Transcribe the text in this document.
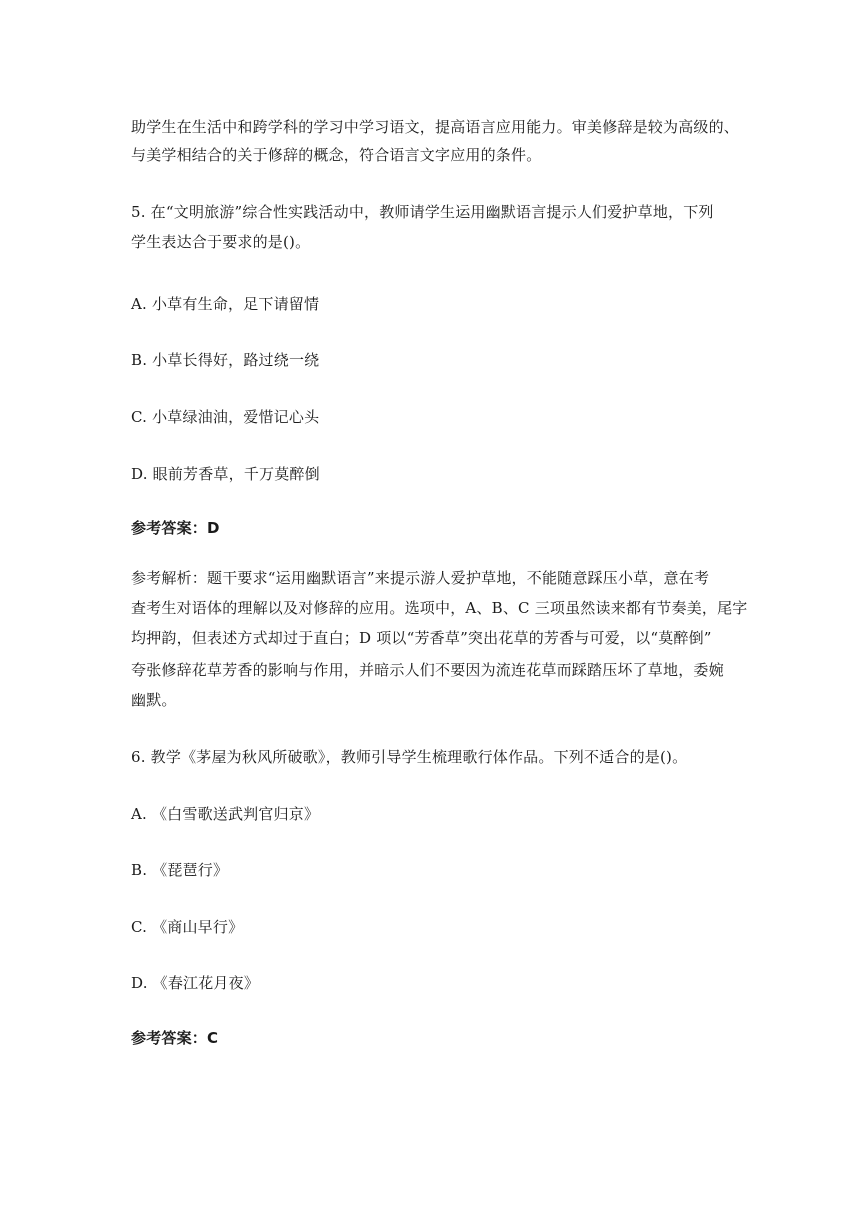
助学生在生活中和跨学科的学习中学习语文，提高语言应用能力。审美修辞是较为高级的、
与美学相结合的关于修辞的概念，符合语言文字应用的条件。
5. 在“文明旅游”综合性实践活动中，教师请学生运用幽默语言提示人们爱护草地，下列
学生表达合于要求的是()。
A. 小草有生命，足下请留情
B. 小草长得好，路过绕一绕
C. 小草绿油油，爱惜记心头
D. 眼前芳香草，千万莫醉倒
参考答案：D
参考解析：题干要求“运用幽默语言”来提示游人爱护草地，不能随意踩压小草，意在考
查考生对语体的理解以及对修辞的应用。选项中，A、B、C 三项虽然读来都有节奏美，尾字
均押韵，但表述方式却过于直白；D 项以“芳香草”突出花草的芳香与可爱，以“莫醉倒”
夸张修辞花草芳香的影响与作用，并暗示人们不要因为流连花草而踩踏压坏了草地，委婉
幽默。
6. 教学《茅屋为秋风所破歌》，教师引导学生梳理歌行体作品。下列不适合的是()。
A. 《白雪歌送武判官归京》
B. 《琵琶行》
C. 《商山早行》
D. 《春江花月夜》
参考答案：C
